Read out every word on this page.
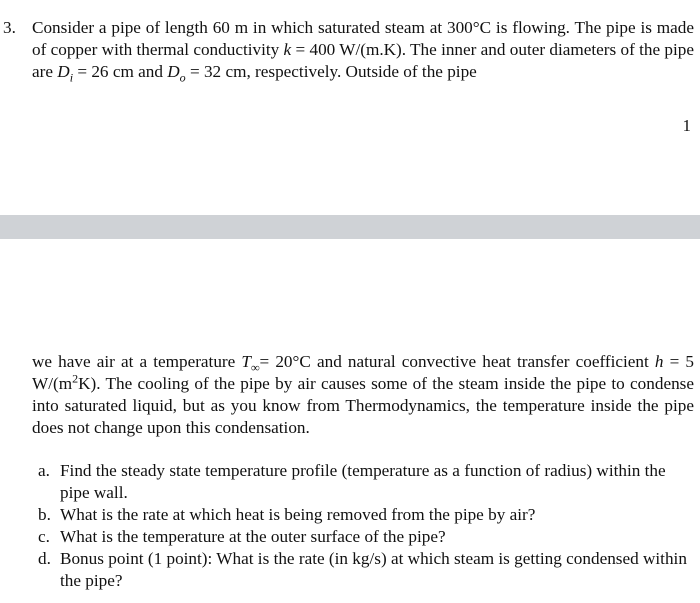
3. Consider a pipe of length 60 m in which saturated steam at 300°C is flowing. The pipe is made of copper with thermal conductivity k = 400 W/(m.K). The inner and outer diameters of the pipe are $D_i = 26$ cm and $D_o = 32$ cm, respectively. Outside of the pipe

1

we have air at a temperature $T_\infty= 20^\circ C$ and natural convective heat transfer coefficient h = 5 $W/(m^2K)$. The cooling of the pipe by air causes some of the steam inside the pipe to condense into saturated liquid, but as you know from Thermodynamics, the temperature inside the pipe does not change upon this condensation.

a. Find the steady state temperature profile (temperature as a function of radius) within the pipe wall.
b. What is the rate at which heat is being removed from the pipe by air?
c. What is the temperature at the outer surface of the pipe?
d. Bonus point (1 point): What is the rate (in kg/s) at which steam is getting condensed within the pipe?
